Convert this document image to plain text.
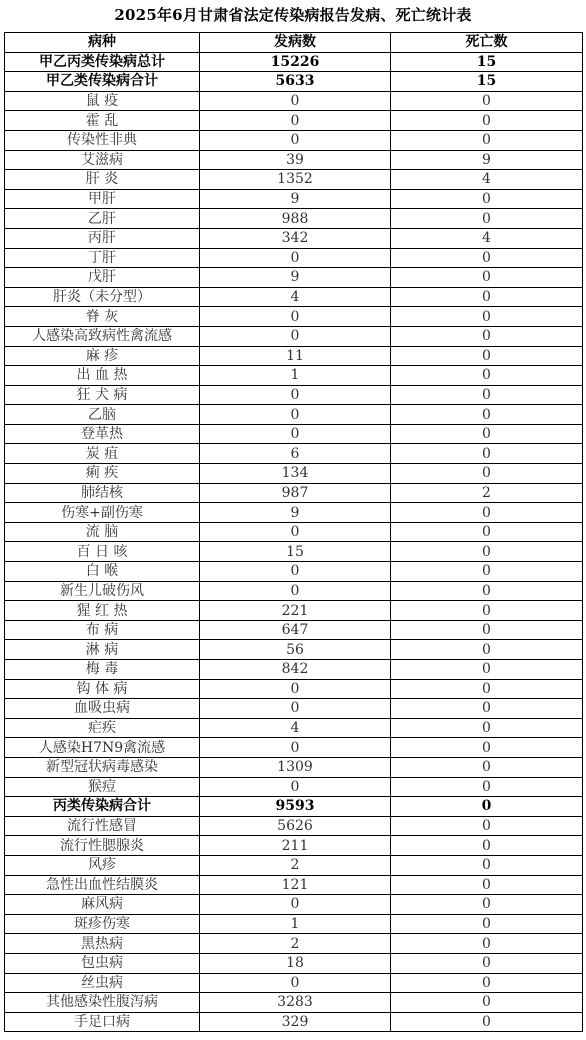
2025年6月甘肃省法定传染病报告发病、死亡统计表
病种	发病数	死亡数
甲乙丙类传染病总计	15226	15
甲乙类传染病合计	5633	15
鼠 疫	0	0
霍 乱	0	0
传染性非典	0	0
艾滋病	39	9
肝 炎	1352	4
甲肝	9	0
乙肝	988	0
丙肝	342	4
丁肝	0	0
戊肝	9	0
肝炎（未分型）	4	0
脊 灰	0	0
人感染高致病性禽流感	0	0
麻 疹	11	0
出 血 热	1	0
狂 犬 病	0	0
乙脑	0	0
登革热	0	0
炭 疽	6	0
痢 疾	134	0
肺结核	987	2
伤寒+副伤寒	9	0
流 脑	0	0
百 日 咳	15	0
白 喉	0	0
新生儿破伤风	0	0
猩 红 热	221	0
布 病	647	0
淋 病	56	0
梅 毒	842	0
钩 体 病	0	0
血吸虫病	0	0
疟疾	4	0
人感染H7N9禽流感	0	0
新型冠状病毒感染	1309	0
猴痘	0	0
丙类传染病合计	9593	0
流行性感冒	5626	0
流行性腮腺炎	211	0
风疹	2	0
急性出血性结膜炎	121	0
麻风病	0	0
斑疹伤寒	1	0
黑热病	2	0
包虫病	18	0
丝虫病	0	0
其他感染性腹泻病	3283	0
手足口病	329	0
